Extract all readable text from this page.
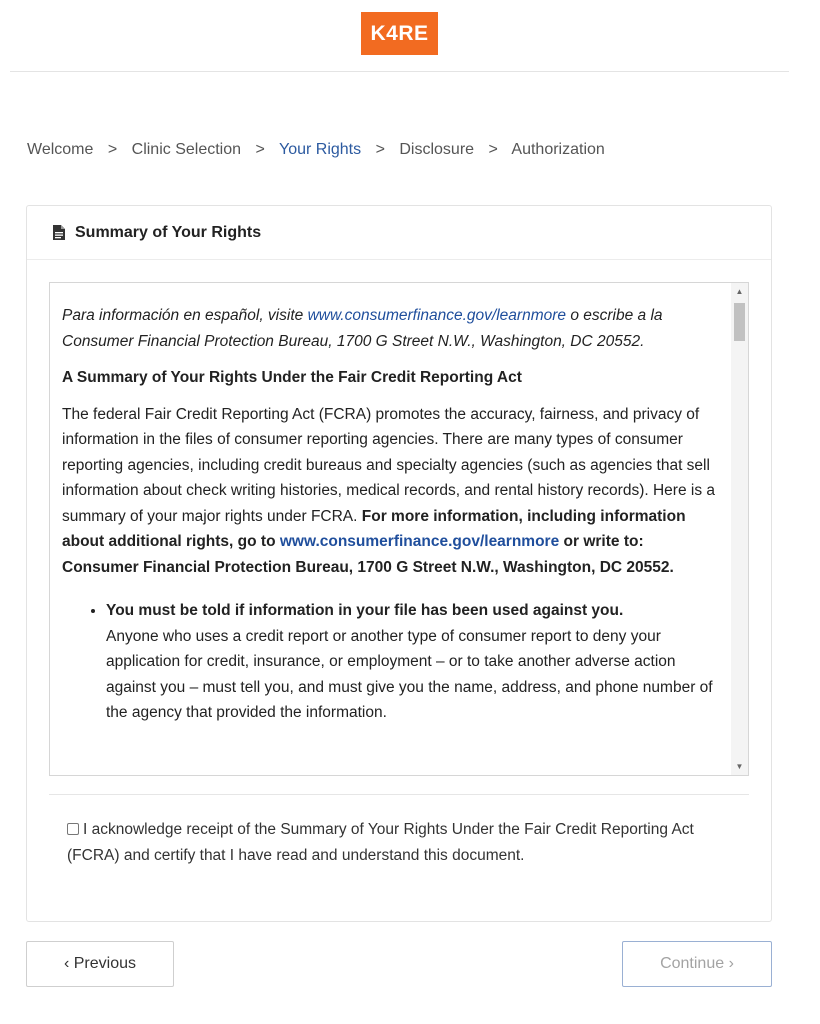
K4RE
Welcome > Clinic Selection > Your Rights > Disclosure > Authorization
Summary of Your Rights

Para información en español, visite www.consumerfinance.gov/learnmore o escribe a la Consumer Financial Protection Bureau, 1700 G Street N.W., Washington, DC 20552.

A Summary of Your Rights Under the Fair Credit Reporting Act

The federal Fair Credit Reporting Act (FCRA) promotes the accuracy, fairness, and privacy of information in the files of consumer reporting agencies. There are many types of consumer reporting agencies, including credit bureaus and specialty agencies (such as agencies that sell information about check writing histories, medical records, and rental history records). Here is a summary of your major rights under FCRA. For more information, including information about additional rights, go to www.consumerfinance.gov/learnmore or write to: Consumer Financial Protection Bureau, 1700 G Street N.W., Washington, DC 20552.

• You must be told if information in your file has been used against you.
Anyone who uses a credit report or another type of consumer report to deny your application for credit, insurance, or employment – or to take another adverse action against you – must tell you, and must give you the name, address, and phone number of the agency that provided the information.
▲
▼
I acknowledge receipt of the Summary of Your Rights Under the Fair Credit Reporting Act (FCRA) and certify that I have read and understand this document.
‹ Previous	Continue ›
